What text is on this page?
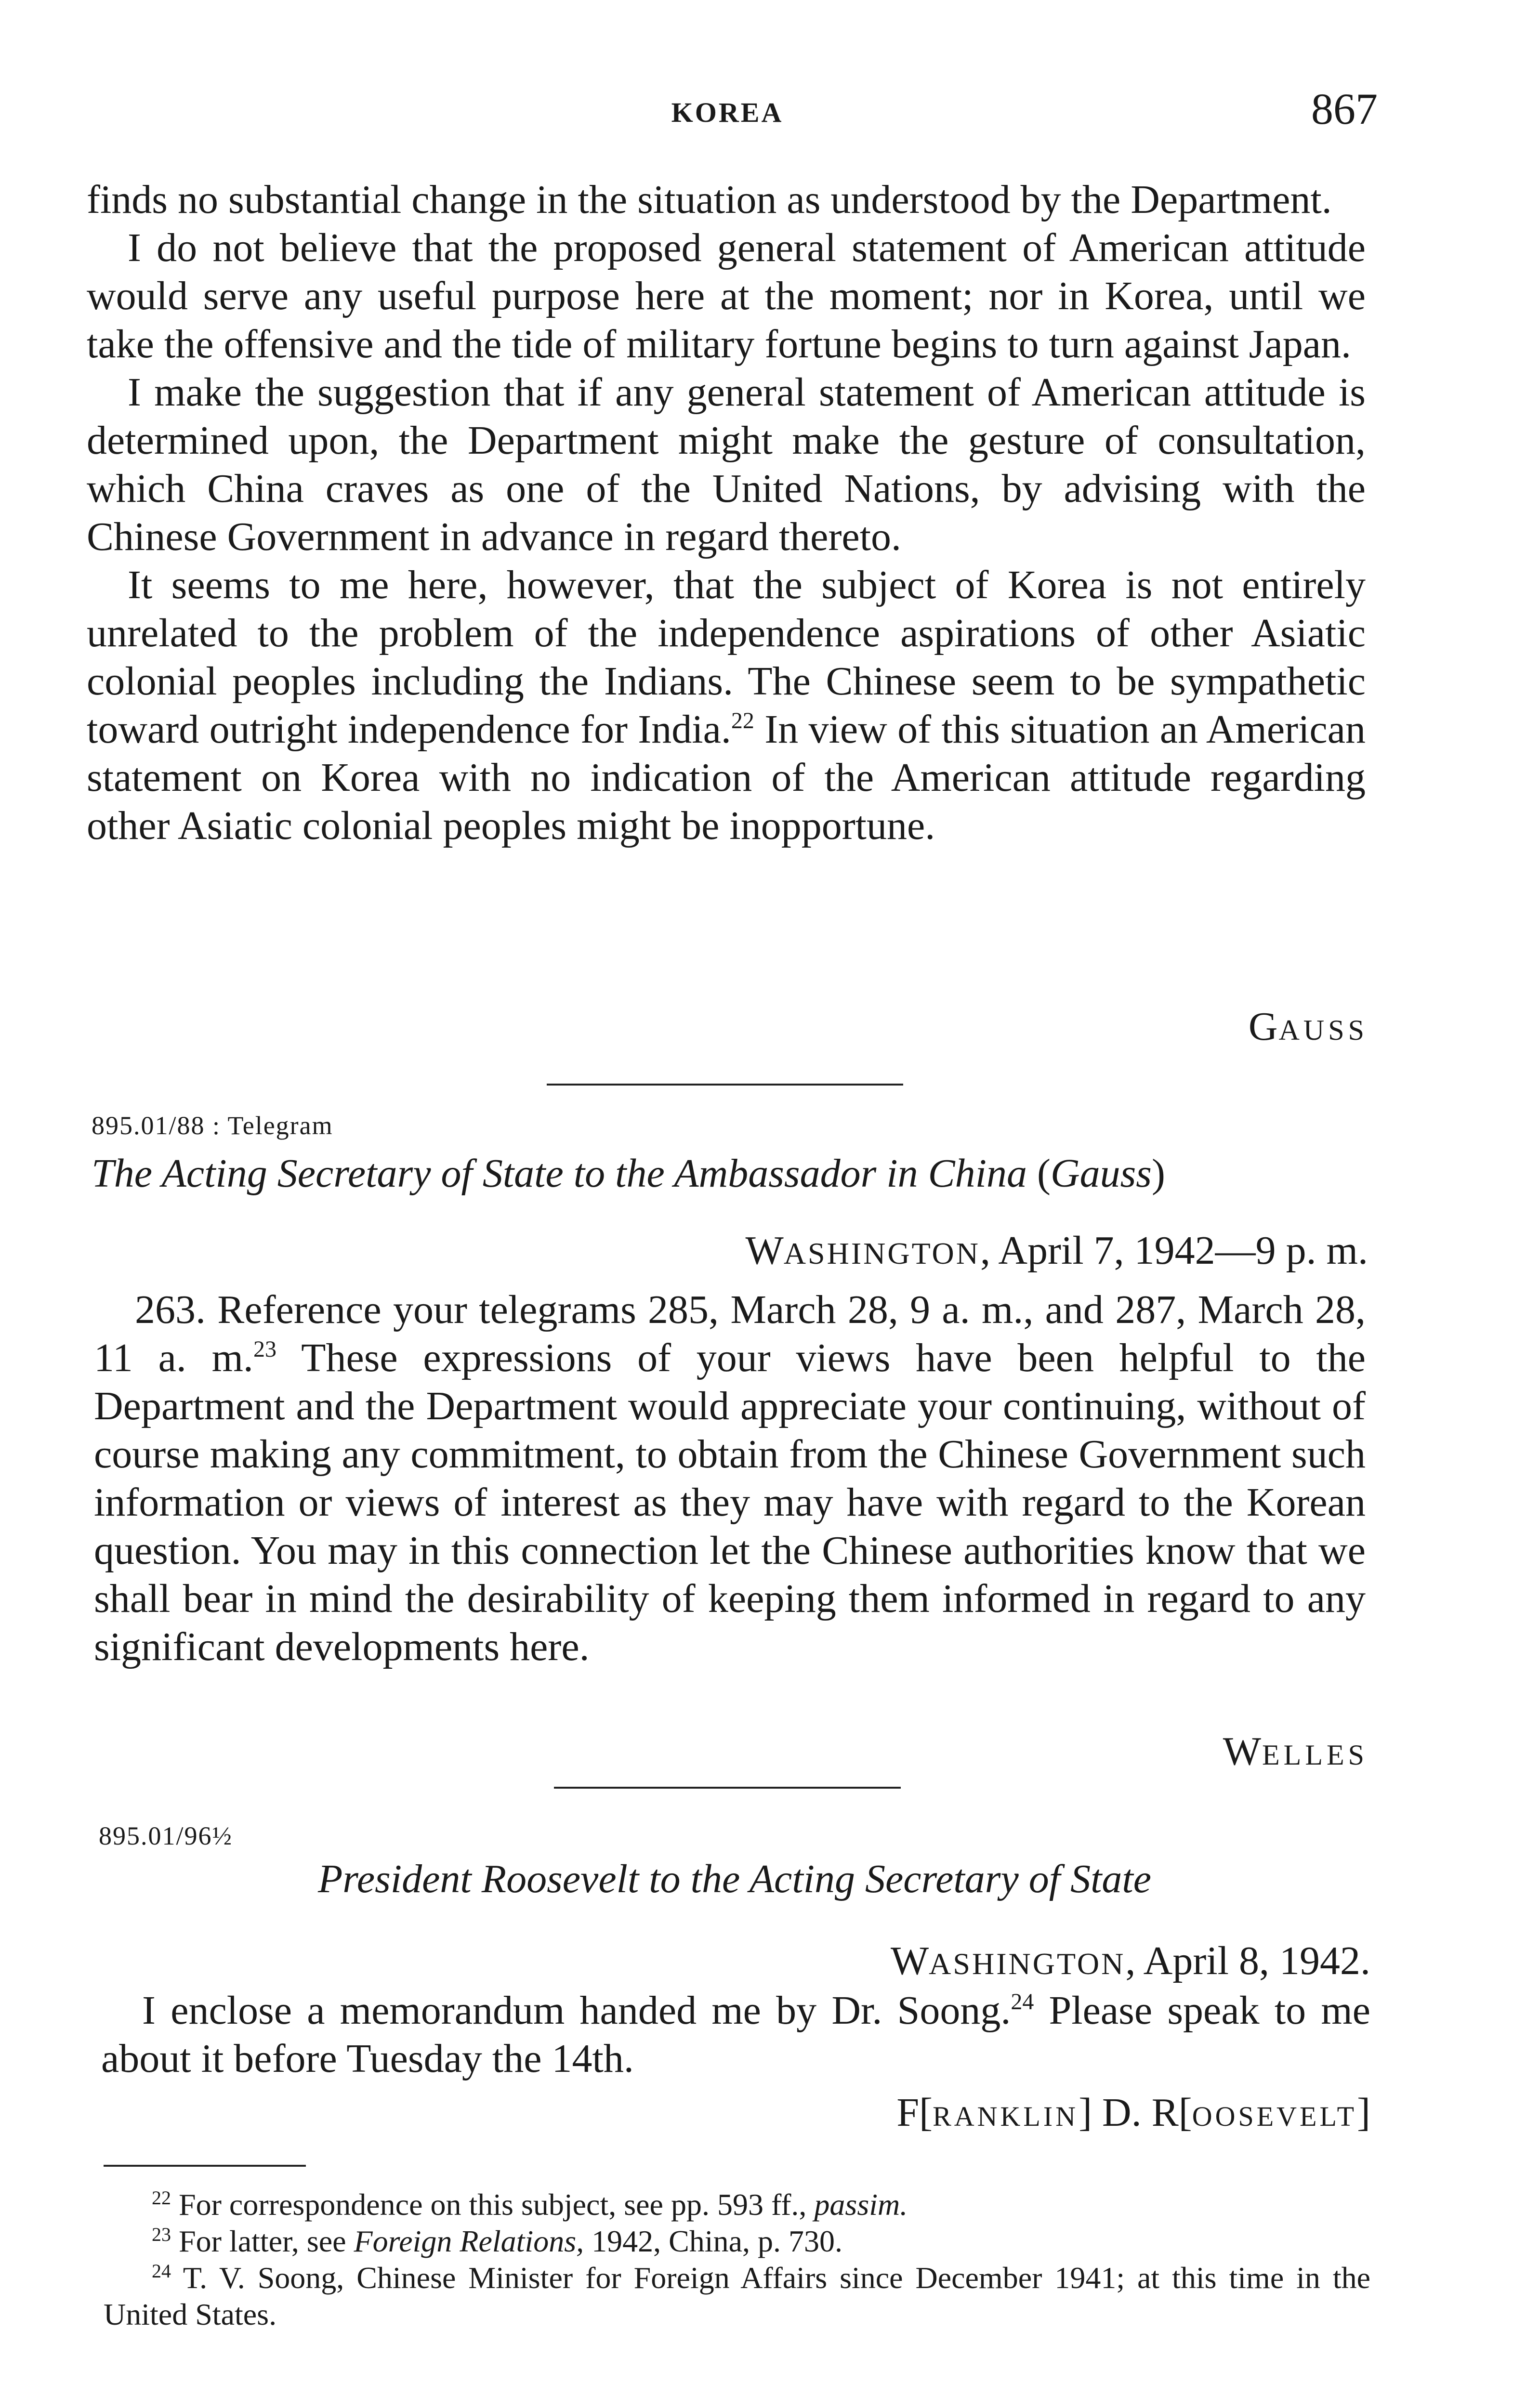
KOREA	867

finds no substantial change in the situation as understood by the Department.

I do not believe that the proposed general statement of American attitude would serve any useful purpose here at the moment; nor in Korea, until we take the offensive and the tide of military fortune begins to turn against Japan.

I make the suggestion that if any general statement of American attitude is determined upon, the Department might make the gesture of consultation, which China craves as one of the United Nations, by advising with the Chinese Government in advance in regard thereto.

It seems to me here, however, that the subject of Korea is not entirely unrelated to the problem of the independence aspirations of other Asiatic colonial peoples including the Indians. The Chinese seem to be sympathetic toward outright independence for India.$^{22}$ In view of this situation an American statement on Korea with no indication of the American attitude regarding other Asiatic colonial peoples might be inopportune.

GAUSS
895.01/88 : Telegram
The Acting Secretary of State to the Ambassador in China (Gauss)
WASHINGTON, April 7, 1942—9 p. m.

263. Reference your telegrams 285, March 28, 9 a. m., and 287, March 28, 11 a. m.$^{23}$ These expressions of your views have been helpful to the Department and the Department would appreciate your continuing, without of course making any commitment, to obtain from the Chinese Government such information or views of interest as they may have with regard to the Korean question. You may in this connection let the Chinese authorities know that we shall bear in mind the desirability of keeping them informed in regard to any significant developments here.

WELLES
895.01/96½
President Roosevelt to the Acting Secretary of State
WASHINGTON, April 8, 1942.

I enclose a memorandum handed me by Dr. Soong.$^{24}$ Please speak to me about it before Tuesday the 14th.

F[RANKLIN] D. R[OOSEVELT]

$^{22}$ For correspondence on this subject, see pp. 593 ff., passim.

$^{23}$ For latter, see Foreign Relations, 1942, China, p. 730.

$^{24}$ T. V. Soong, Chinese Minister for Foreign Affairs since December 1941; at this time in the United States.
